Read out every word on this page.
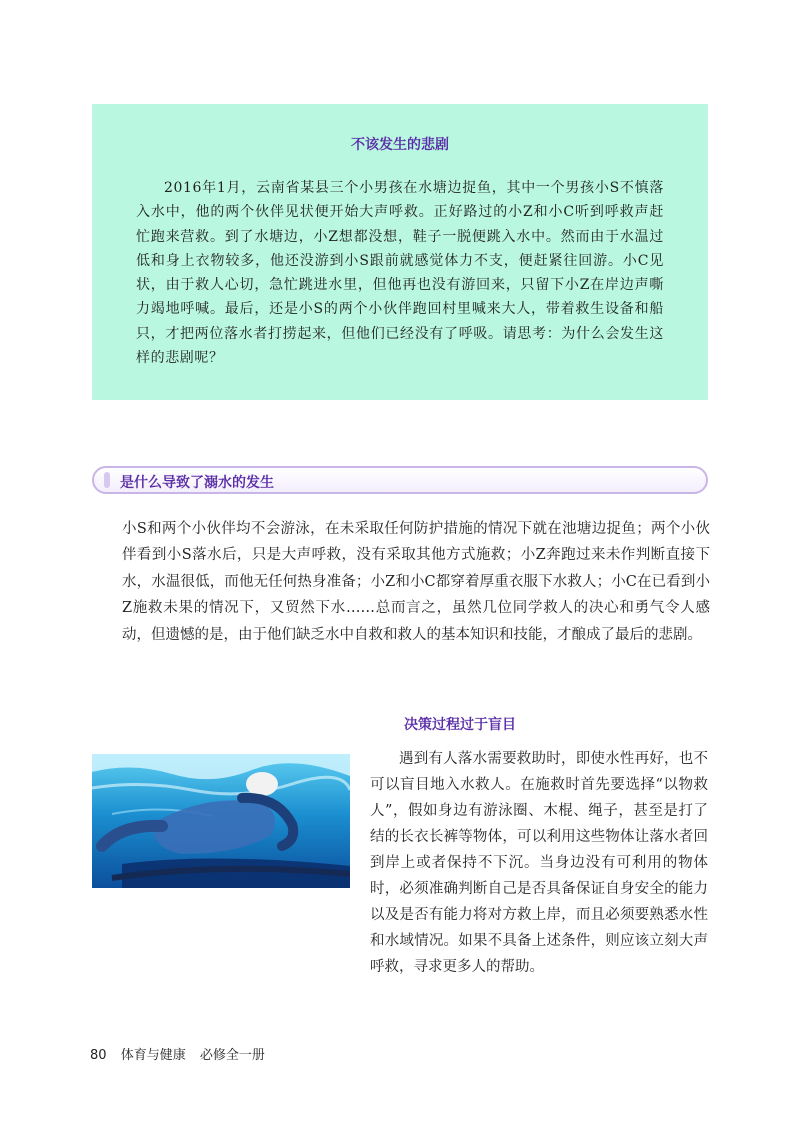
不该发生的悲剧

2016年1月，云南省某县三个小男孩在水塘边捉鱼，其中一个男孩小S不慎落入水中，他的两个伙伴见状便开始大声呼救。正好路过的小Z和小C听到呼救声赶忙跑来营救。到了水塘边，小Z想都没想，鞋子一脱便跳入水中。然而由于水温过低和身上衣物较多，他还没游到小S跟前就感觉体力不支，便赶紧往回游。小C见状，由于救人心切，急忙跳进水里，但他再也没有游回来，只留下小Z在岸边声嘶力竭地呼喊。最后，还是小S的两个小伙伴跑回村里喊来大人，带着救生设备和船只，才把两位落水者打捞起来，但他们已经没有了呼吸。请思考：为什么会发生这样的悲剧呢？

是什么导致了溺水的发生

小S和两个小伙伴均不会游泳，在未采取任何防护措施的情况下就在池塘边捉鱼；两个小伙伴看到小S落水后，只是大声呼救，没有采取其他方式施救；小Z奔跑过来未作判断直接下水，水温很低，而他无任何热身准备；小Z和小C都穿着厚重衣服下水救人；小C在已看到小Z施救未果的情况下，又贸然下水……总而言之，虽然几位同学救人的决心和勇气令人感动，但遗憾的是，由于他们缺乏水中自救和救人的基本知识和技能，才酿成了最后的悲剧。

决策过程过于盲目

遇到有人落水需要救助时，即使水性再好，也不可以盲目地入水救人。在施救时首先要选择“以物救人”，假如身边有游泳圈、木棍、绳子，甚至是打了结的长衣长裤等物体，可以利用这些物体让落水者回到岸上或者保持不下沉。当身边没有可利用的物体时，必须准确判断自己是否具备保证自身安全的能力以及是否有能力将对方救上岸，而且必须要熟悉水性和水域情况。如果不具备上述条件，则应该立刻大声呼救，寻求更多人的帮助。

80 体育与健康 必修全一册
